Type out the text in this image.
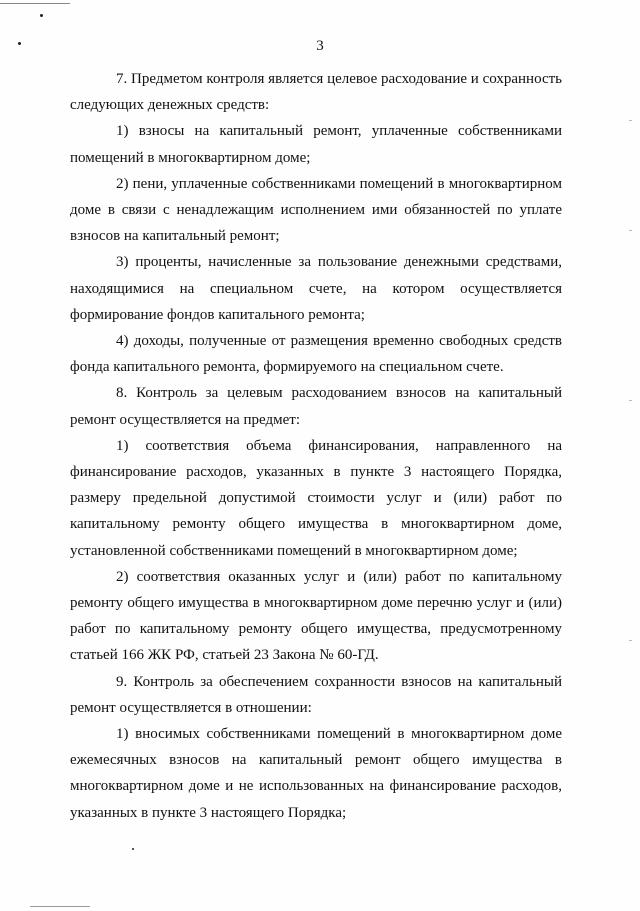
3

7. Предметом контроля является целевое расходование и сохранность следующих денежных средств:

1) взносы на капитальный ремонт, уплаченные собственниками помещений в многоквартирном доме;

2) пени, уплаченные собственниками помещений в многоквартирном доме в связи с ненадлежащим исполнением ими обязанностей по уплате взносов на капитальный ремонт;

3) проценты, начисленные за пользование денежными средствами, находящимися на специальном счете, на котором осуществляется формирование фондов капитального ремонта;

4) доходы, полученные от размещения временно свободных средств фонда капитального ремонта, формируемого на специальном счете.

8. Контроль за целевым расходованием взносов на капитальный ремонт осуществляется на предмет:

1) соответствия объема финансирования, направленного на финансирование расходов, указанных в пункте 3 настоящего Порядка, размеру предельной допустимой стоимости услуг и (или) работ по капитальному ремонту общего имущества в многоквартирном доме, установленной собственниками помещений в многоквартирном доме;

2) соответствия оказанных услуг и (или) работ по капитальному ремонту общего имущества в многоквартирном доме перечню услуг и (или) работ по капитальному ремонту общего имущества, предусмотренному статьей 166 ЖК РФ, статьей 23 Закона № 60-ГД.

9. Контроль за обеспечением сохранности взносов на капитальный ремонт осуществляется в отношении:

1) вносимых собственниками помещений в многоквартирном доме ежемесячных взносов на капитальный ремонт общего имущества в многоквартирном доме и не использованных на финансирование расходов, указанных в пункте 3 настоящего Порядка;
